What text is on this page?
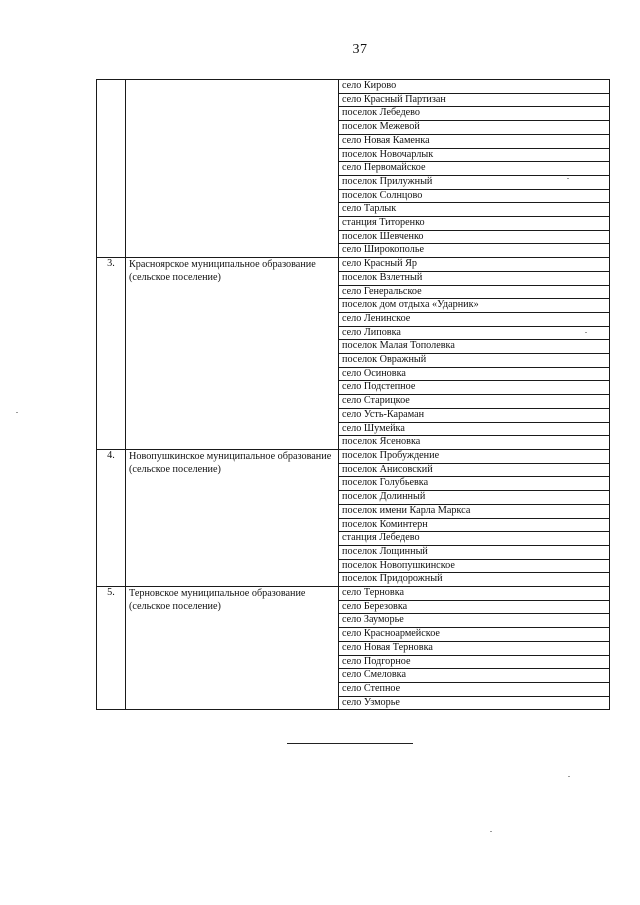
37
		село Кирово
		село Красный Партизан
		поселок Лебедево
		поселок Межевой
		село Новая Каменка
		поселок Новочарлык
		село Первомайское
		поселок Прилужный
		поселок Солнцово
		село Тарлык
		станция Титоренко
		поселок Шевченко
		село Широкополье
3.	Красноярское муниципальное образование (сельское поселение)	село Красный Яр
		поселок Взлетный
		село Генеральское
		поселок дом отдыха «Ударник»
		село Ленинское
		село Липовка
		поселок Малая Тополевка
		поселок Овражный
		село Осиновка
		село Подстепное
		село Старицкое
		село Усть-Караман
		село Шумейка
		поселок Ясеновка
4.	Новопушкинское муниципальное образование (сельское поселение)	поселок Пробуждение
		поселок Анисовский
		поселок Голубьевка
		поселок Долинный
		поселок имени Карла Маркса
		поселок Коминтерн
		станция Лебедево
		поселок Лощинный
		поселок Новопушкинское
		поселок Придорожный
5.	Терновское муниципальное образование (сельское поселение)	село Терновка
		село Березовка
		село Зауморье
		село Красноармейское
		село Новая Терновка
		село Подгорное
		село Смеловка
		село Степное
		село Узморье
